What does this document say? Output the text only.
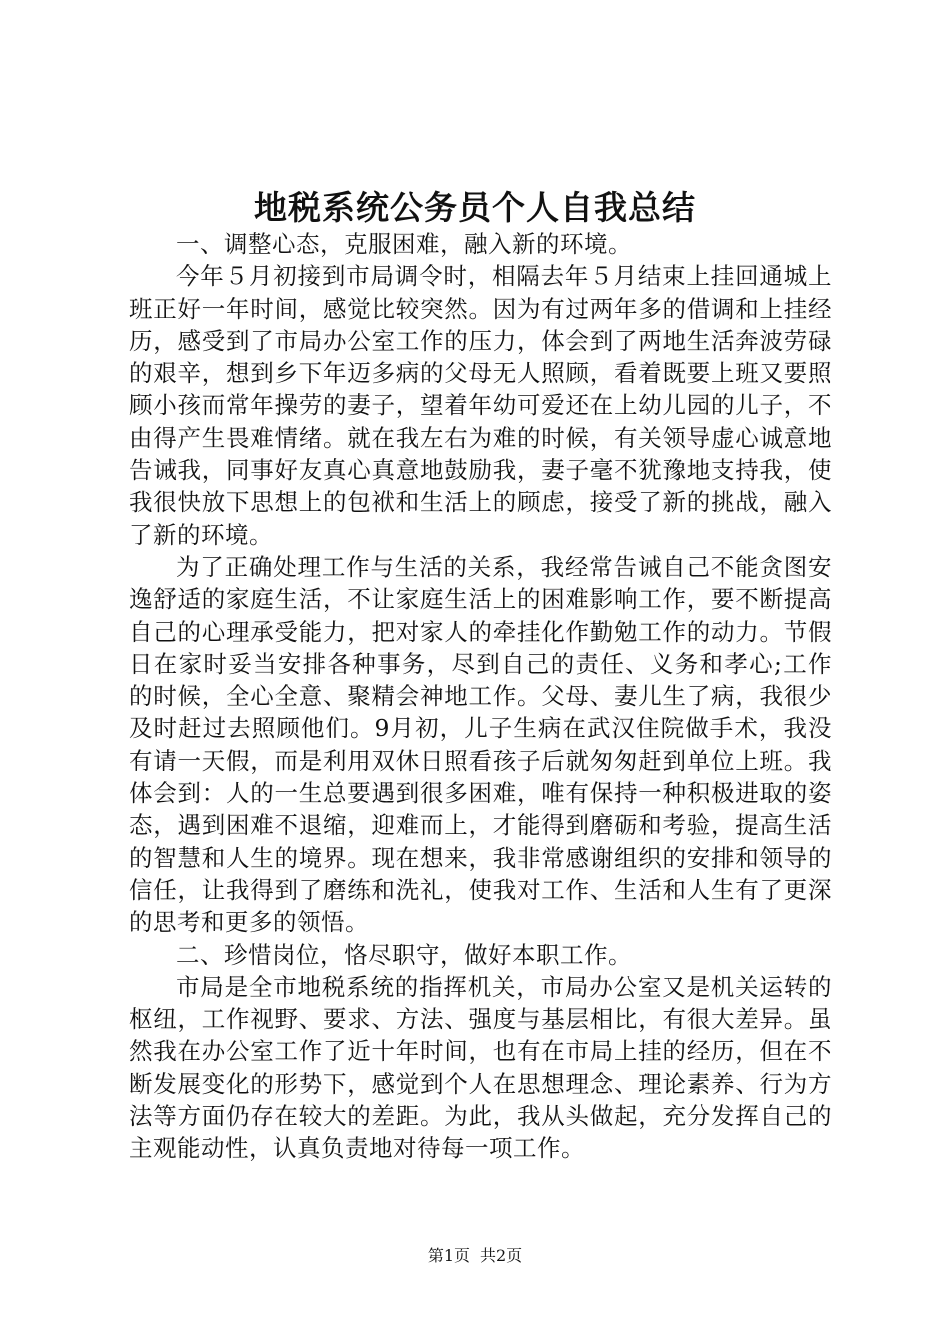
地税系统公务员个人自我总结

一、调整心态，克服困难，融入新的环境。

今年５月初接到市局调令时，相隔去年５月结束上挂回通城上班正好一年时间，感觉比较突然。因为有过两年多的借调和上挂经历，感受到了市局办公室工作的压力，体会到了两地生活奔波劳碌的艰辛，想到乡下年迈多病的父母无人照顾，看着既要上班又要照顾小孩而常年操劳的妻子，望着年幼可爱还在上幼儿园的儿子，不由得产生畏难情绪。就在我左右为难的时候，有关领导虚心诚意地告诫我，同事好友真心真意地鼓励我，妻子毫不犹豫地支持我，使我很快放下思想上的包袱和生活上的顾虑，接受了新的挑战，融入了新的环境。

为了正确处理工作与生活的关系，我经常告诫自己不能贪图安逸舒适的家庭生活，不让家庭生活上的困难影响工作，要不断提高自己的心理承受能力，把对家人的牵挂化作勤勉工作的动力。节假日在家时妥当安排各种事务，尽到自己的责任、义务和孝心;工作的时候，全心全意、聚精会神地工作。父母、妻儿生了病，我很少及时赶过去照顾他们。9月初，儿子生病在武汉住院做手术，我没有请一天假，而是利用双休日照看孩子后就匆匆赶到单位上班。我体会到：人的一生总要遇到很多困难，唯有保持一种积极进取的姿态，遇到困难不退缩，迎难而上，才能得到磨砺和考验，提高生活的智慧和人生的境界。现在想来，我非常感谢组织的安排和领导的信任，让我得到了磨练和洗礼，使我对工作、生活和人生有了更深的思考和更多的领悟。

二、珍惜岗位，恪尽职守，做好本职工作。

市局是全市地税系统的指挥机关，市局办公室又是机关运转的枢纽，工作视野、要求、方法、强度与基层相比，有很大差异。虽然我在办公室工作了近十年时间，也有在市局上挂的经历，但在不断发展变化的形势下，感觉到个人在思想理念、理论素养、行为方法等方面仍存在较大的差距。为此，我从头做起，充分发挥自己的主观能动性，认真负责地对待每一项工作。

第1页 共2页
